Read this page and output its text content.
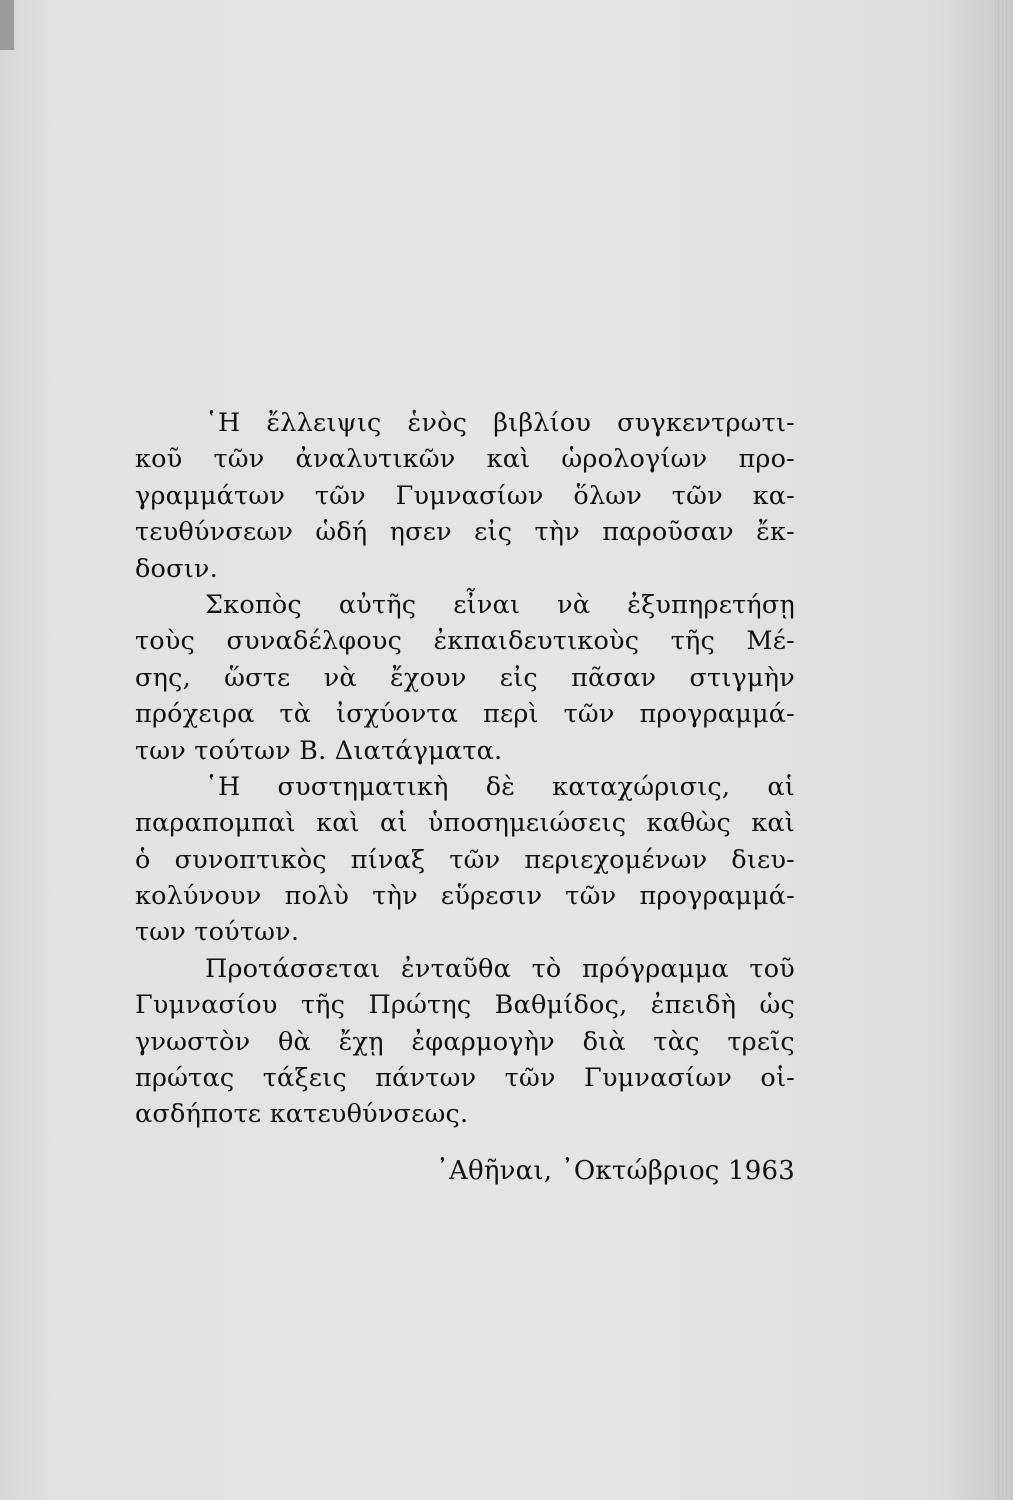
῾Η ἔλλειψις ἑνὸς βιβλίου συγκεντρωτι-
κοῦ τῶν ἀναλυτικῶν καὶ ὡρολογίων προ-
γραμμάτων τῶν Γυμνασίων ὅλων τῶν κα-
τευθύνσεων ὡδή ησεν εἰς τὴν παροῦσαν ἔκ-
δοσιν.
Σκοπὸς αὐτῆς εἶναι νὰ ἐξυπηρετήσῃ
τοὺς συναδέλφους ἐκπαιδευτικοὺς τῆς Μέ-
σης, ὥστε νὰ ἔχουν εἰς πᾶσαν στιγμὴν
πρόχειρα τὰ ἰσχύοντα περὶ τῶν προγραμμά-
των τούτων Β. Διατάγματα.
῾Η συστηματικὴ δὲ καταχώρισις, αἱ
παραπομπαὶ καὶ αἱ ὑποσημειώσεις καθὼς καὶ
ὁ συνοπτικὸς πίναξ τῶν περιεχομένων διευ-
κολύνουν πολὺ τὴν εὕρεσιν τῶν προγραμμά-
των τούτων.
Προτάσσεται ἐνταῦθα τὸ πρόγραμμα τοῦ
Γυμνασίου τῆς Πρώτης Βαθμίδος, ἐπειδὴ ὡς
γνωστὸν θὰ ἔχῃ ἐφαρμογὴν διὰ τὰς τρεῖς
πρώτας τάξεις πάντων τῶν Γυμνασίων οἱ-
ασδήποτε κατευθύνσεως.
᾿Αθῆναι, ᾿Οκτώβριος 1963
